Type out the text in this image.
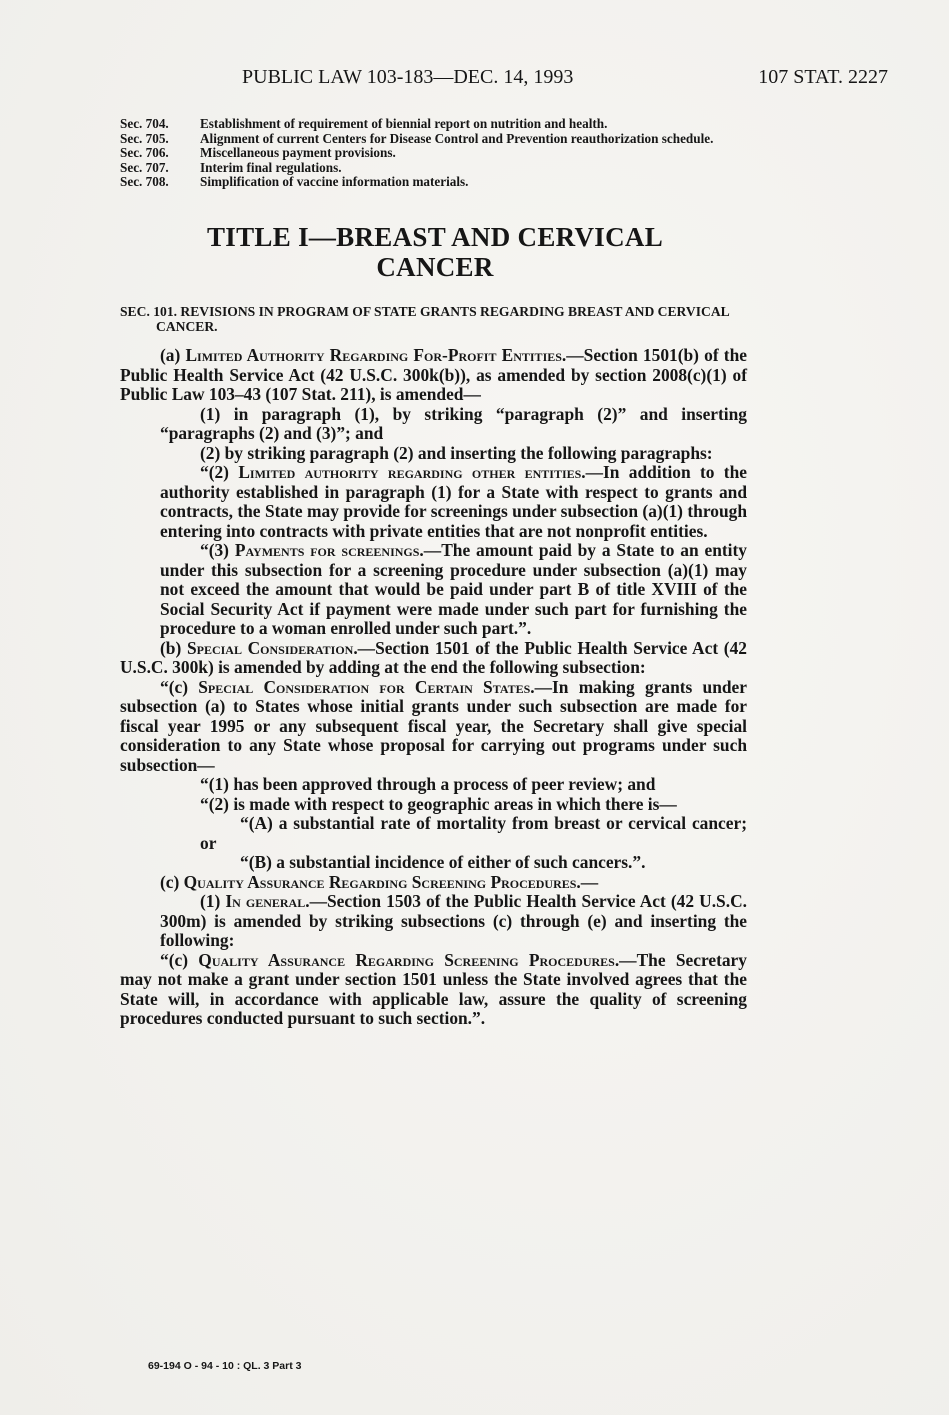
PUBLIC LAW 103-183—DEC. 14, 1993	107 STAT. 2227
Sec. 704. Establishment of requirement of biennial report on nutrition and health.
Sec. 705. Alignment of current Centers for Disease Control and Prevention reauthorization schedule.
Sec. 706. Miscellaneous payment provisions.
Sec. 707. Interim final regulations.
Sec. 708. Simplification of vaccine information materials.
TITLE I—BREAST AND CERVICAL
CANCER
SEC. 101. REVISIONS IN PROGRAM OF STATE GRANTS REGARDING BREAST AND CERVICAL CANCER.

(a) Limited Authority Regarding For-Profit Entities.—Section 1501(b) of the Public Health Service Act (42 U.S.C. 300k(b)), as amended by section 2008(c)(1) of Public Law 103–43 (107 Stat. 211), is amended—

(1) in paragraph (1), by striking “paragraph (2)” and inserting “paragraphs (2) and (3)”; and

(2) by striking paragraph (2) and inserting the following paragraphs:

“(2) Limited authority regarding other entities.—In addition to the authority established in paragraph (1) for a State with respect to grants and contracts, the State may provide for screenings under subsection (a)(1) through entering into contracts with private entities that are not nonprofit entities.

“(3) Payments for screenings.—The amount paid by a State to an entity under this subsection for a screening procedure under subsection (a)(1) may not exceed the amount that would be paid under part B of title XVIII of the Social Security Act if payment were made under such part for furnishing the procedure to a woman enrolled under such part.”.

(b) Special Consideration.—Section 1501 of the Public Health Service Act (42 U.S.C. 300k) is amended by adding at the end the following subsection:

“(c) Special Consideration for Certain States.—In making grants under subsection (a) to States whose initial grants under such subsection are made for fiscal year 1995 or any subsequent fiscal year, the Secretary shall give special consideration to any State whose proposal for carrying out programs under such subsection—

“(1) has been approved through a process of peer review; and

“(2) is made with respect to geographic areas in which there is—

“(A) a substantial rate of mortality from breast or cervical cancer; or

“(B) a substantial incidence of either of such cancers.”.

(c) Quality Assurance Regarding Screening Procedures.—

(1) In general.—Section 1503 of the Public Health Service Act (42 U.S.C. 300m) is amended by striking subsections (c) through (e) and inserting the following:

“(c) Quality Assurance Regarding Screening Procedures.—The Secretary may not make a grant under section 1501 unless the State involved agrees that the State will, in accordance with applicable law, assure the quality of screening procedures conducted pursuant to such section.”.

69-194 O - 94 - 10 : QL. 3 Part 3
